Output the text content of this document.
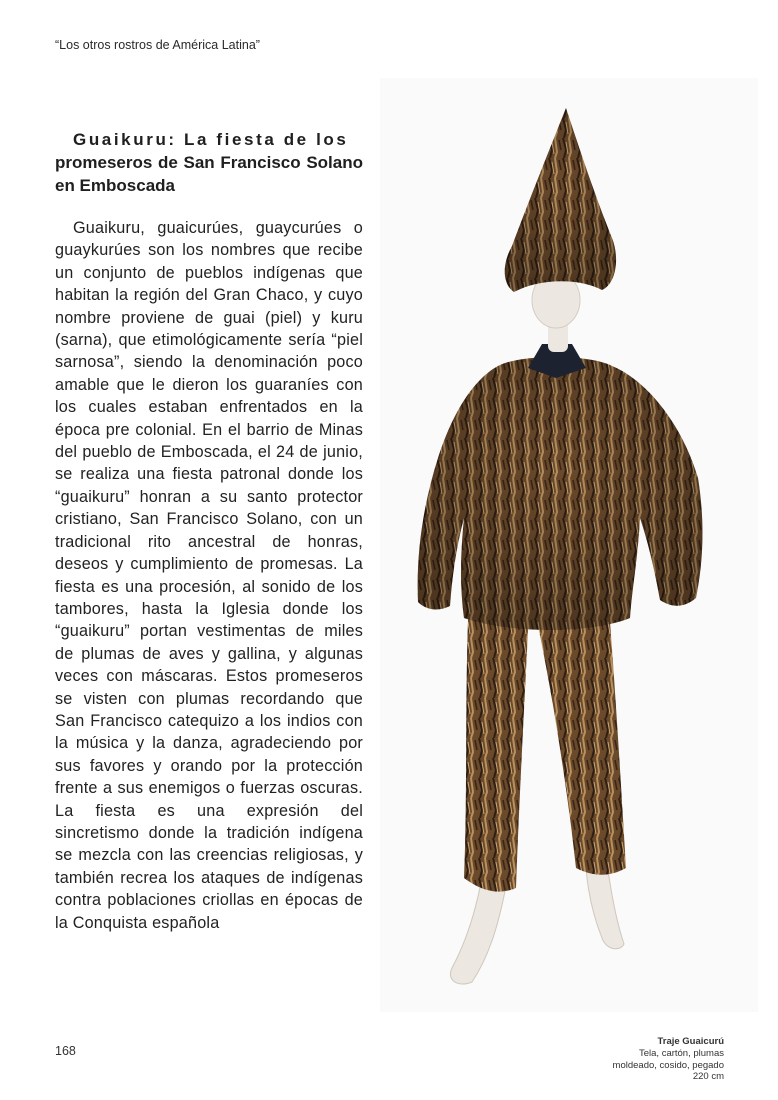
“Los otros rostros de América Latina”
Guaikuru: La fiesta de los
promeseros de San Francisco Solano en Emboscada

Guaikuru, guaicurúes, guaycurúes o guaykurúes son los nombres que recibe un conjunto de pueblos indígenas que habitan la región del Gran Chaco, y cuyo nombre proviene de guai (piel) y kuru (sarna), que etimológicamente sería “piel sarnosa”, siendo la denominación poco amable que le dieron los guaraníes con los cuales estaban enfrentados en la época pre colonial. En el barrio de Minas del pueblo de Emboscada, el 24 de junio, se realiza una fiesta patronal donde los “guaikuru” honran a su santo protector cristiano, San Francisco Solano, con un tradicional rito ancestral de honras, deseos y cumplimiento de promesas. La fiesta es una procesión, al sonido de los tambores, hasta la Iglesia donde los “guaikuru” portan vestimentas de miles de plumas de aves y gallina, y algunas veces con máscaras. Estos promeseros se visten con plumas recordando que San Francisco catequizo a los indios con la música y la danza, agradeciendo por sus favores y orando por la protección frente a sus enemigos o fuerzas oscuras. La fiesta es una expresión del sincretismo donde la tradición indígena se mezcla con las creencias religiosas, y también recrea los ataques de indígenas contra poblaciones criollas en épocas de la Conquista española

Traje Guaicurú
Tela, cartón, plumas
moldeado, cosido, pegado
220 cm
168
